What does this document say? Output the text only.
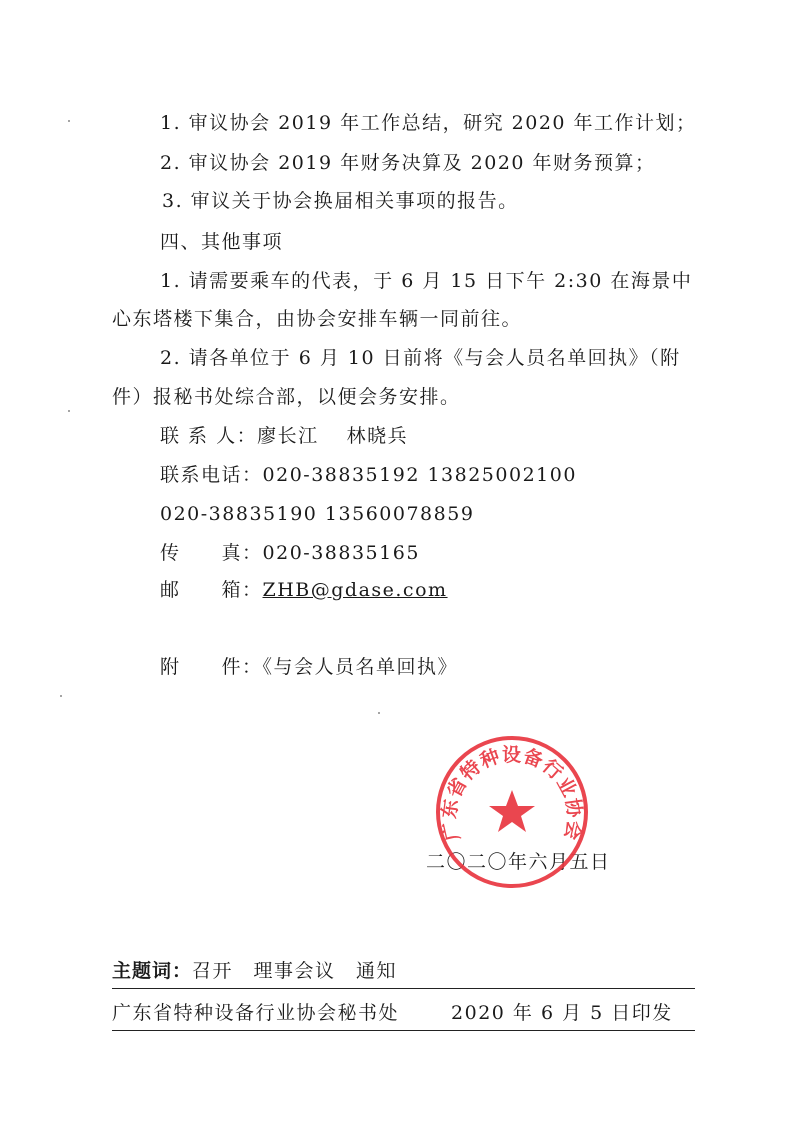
1. 审议协会 2019 年工作总结，研究 2020 年工作计划；
2. 审议协会 2019 年财务决算及 2020 年财务预算；
3. 审议关于协会换届相关事项的报告。
四、其他事项
1. 请需要乘车的代表，于 6 月 15 日下午 2:30 在海景中
心东塔楼下集合，由协会安排车辆一同前往。
2. 请各单位于 6 月 10 日前将《与会人员名单回执》（附
件）报秘书处综合部，以便会务安排。
联 系 人：廖长江　 林晓兵
联系电话：020-38835192 13825002100
020-38835190 13560078859
传　　真：020-38835165
邮　　箱：ZHB@gdase.com
附　　件：《与会人员名单回执》
二〇二〇年六月五日
广东省特种设备行业协会
主题词：召开　理事会议　通知
广东省特种设备行业协会秘书处	2020 年 6 月 5 日印发
